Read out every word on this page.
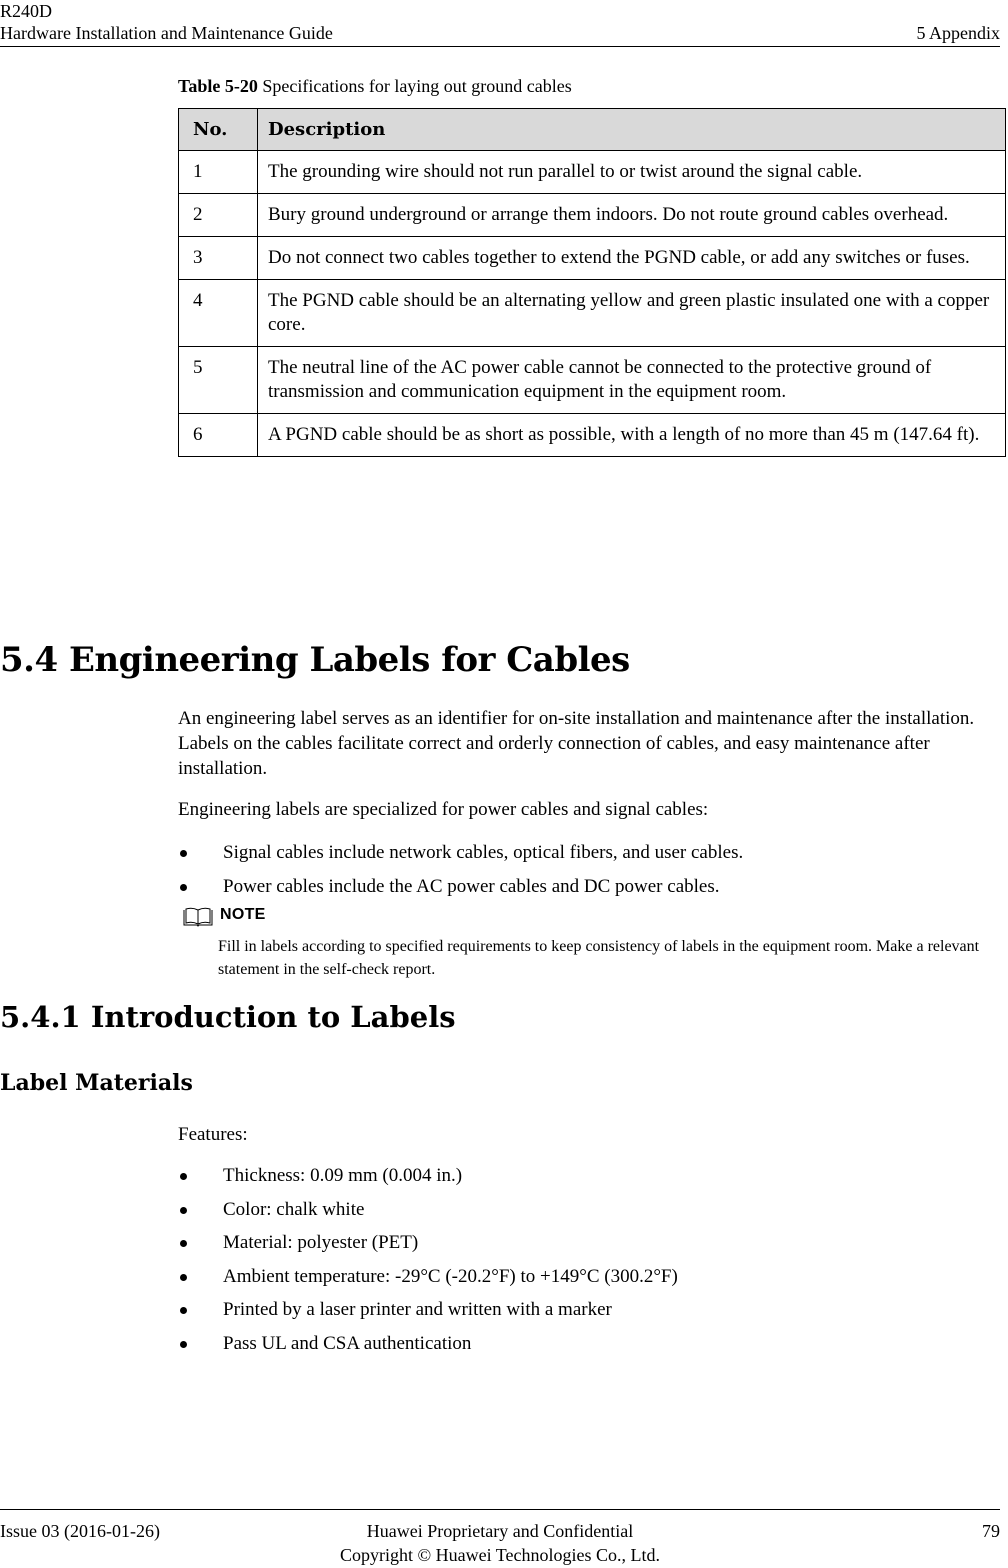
R240D
Hardware Installation and Maintenance Guide	5 Appendix
Table 5-20 Specifications for laying out ground cables
No.	Description
1	The grounding wire should not run parallel to or twist around the signal cable.
2	Bury ground underground or arrange them indoors. Do not route ground cables overhead.
3	Do not connect two cables together to extend the PGND cable, or add any switches or fuses.
4	The PGND cable should be an alternating yellow and green plastic insulated one with a copper core.
5	The neutral line of the AC power cable cannot be connected to the protective ground of transmission and communication equipment in the equipment room.
6	A PGND cable should be as short as possible, with a length of no more than 45 m (147.64 ft).
5.4 Engineering Labels for Cables

An engineering label serves as an identifier for on-site installation and maintenance after the installation. Labels on the cables facilitate correct and orderly connection of cables, and easy maintenance after installation.

Engineering labels are specialized for power cables and signal cables:

Signal cables include network cables, optical fibers, and user cables.
Power cables include the AC power cables and DC power cables.
NOTE

Fill in labels according to specified requirements to keep consistency of labels in the equipment room. Make a relevant statement in the self-check report.

5.4.1 Introduction to Labels
Label Materials

Features:

Thickness: 0.09 mm (0.004 in.)
Color: chalk white
Material: polyester (PET)
Ambient temperature: -29°C (-20.2°F) to +149°C (300.2°F)
Printed by a laser printer and written with a marker
Pass UL and CSA authentication
Issue 03 (2016-01-26)	Huawei Proprietary and Confidential
Copyright © Huawei Technologies Co., Ltd.
79
